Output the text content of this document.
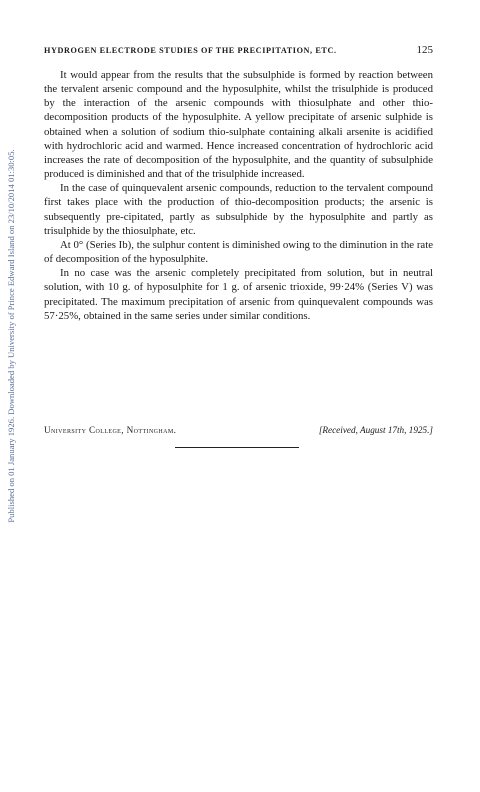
Published on 01 January 1926. Downloaded by University of Prince Edward Island on 23/10/2014 01:30:05.
HYDROGEN ELECTRODE STUDIES OF THE PRECIPITATION, ETC.	125

It would appear from the results that the subsulphide is formed by reaction between the tervalent arsenic compound and the hyposulphite, whilst the trisulphide is produced by the interaction of the arsenic compounds with thiosulphate and other thio-decomposition products of the hyposulphite. A yellow precipitate of arsenic sulphide is obtained when a solution of sodium thio-sulphate containing alkali arsenite is acidified with hydrochloric acid and warmed. Hence increased concentration of hydrochloric acid increases the rate of decomposition of the hyposulphite, and the quantity of subsulphide produced is diminished and that of the trisulphide increased.

In the case of quinquevalent arsenic compounds, reduction to the tervalent compound first takes place with the production of thio-decomposition products; the arsenic is subsequently pre-cipitated, partly as subsulphide by the hyposulphite and partly as trisulphide by the thiosulphate, etc.

At 0° (Series Ib), the sulphur content is diminished owing to the diminution in the rate of decomposition of the hyposulphite.

In no case was the arsenic completely precipitated from solution, but in neutral solution, with 10 g. of hyposulphite for 1 g. of arsenic trioxide, 99·24% (Series V) was precipitated. The maximum precipitation of arsenic from quinquevalent compounds was 57·25%, obtained in the same series under similar conditions.

University College, Nottingham.	[Received, August 17th, 1925.]
